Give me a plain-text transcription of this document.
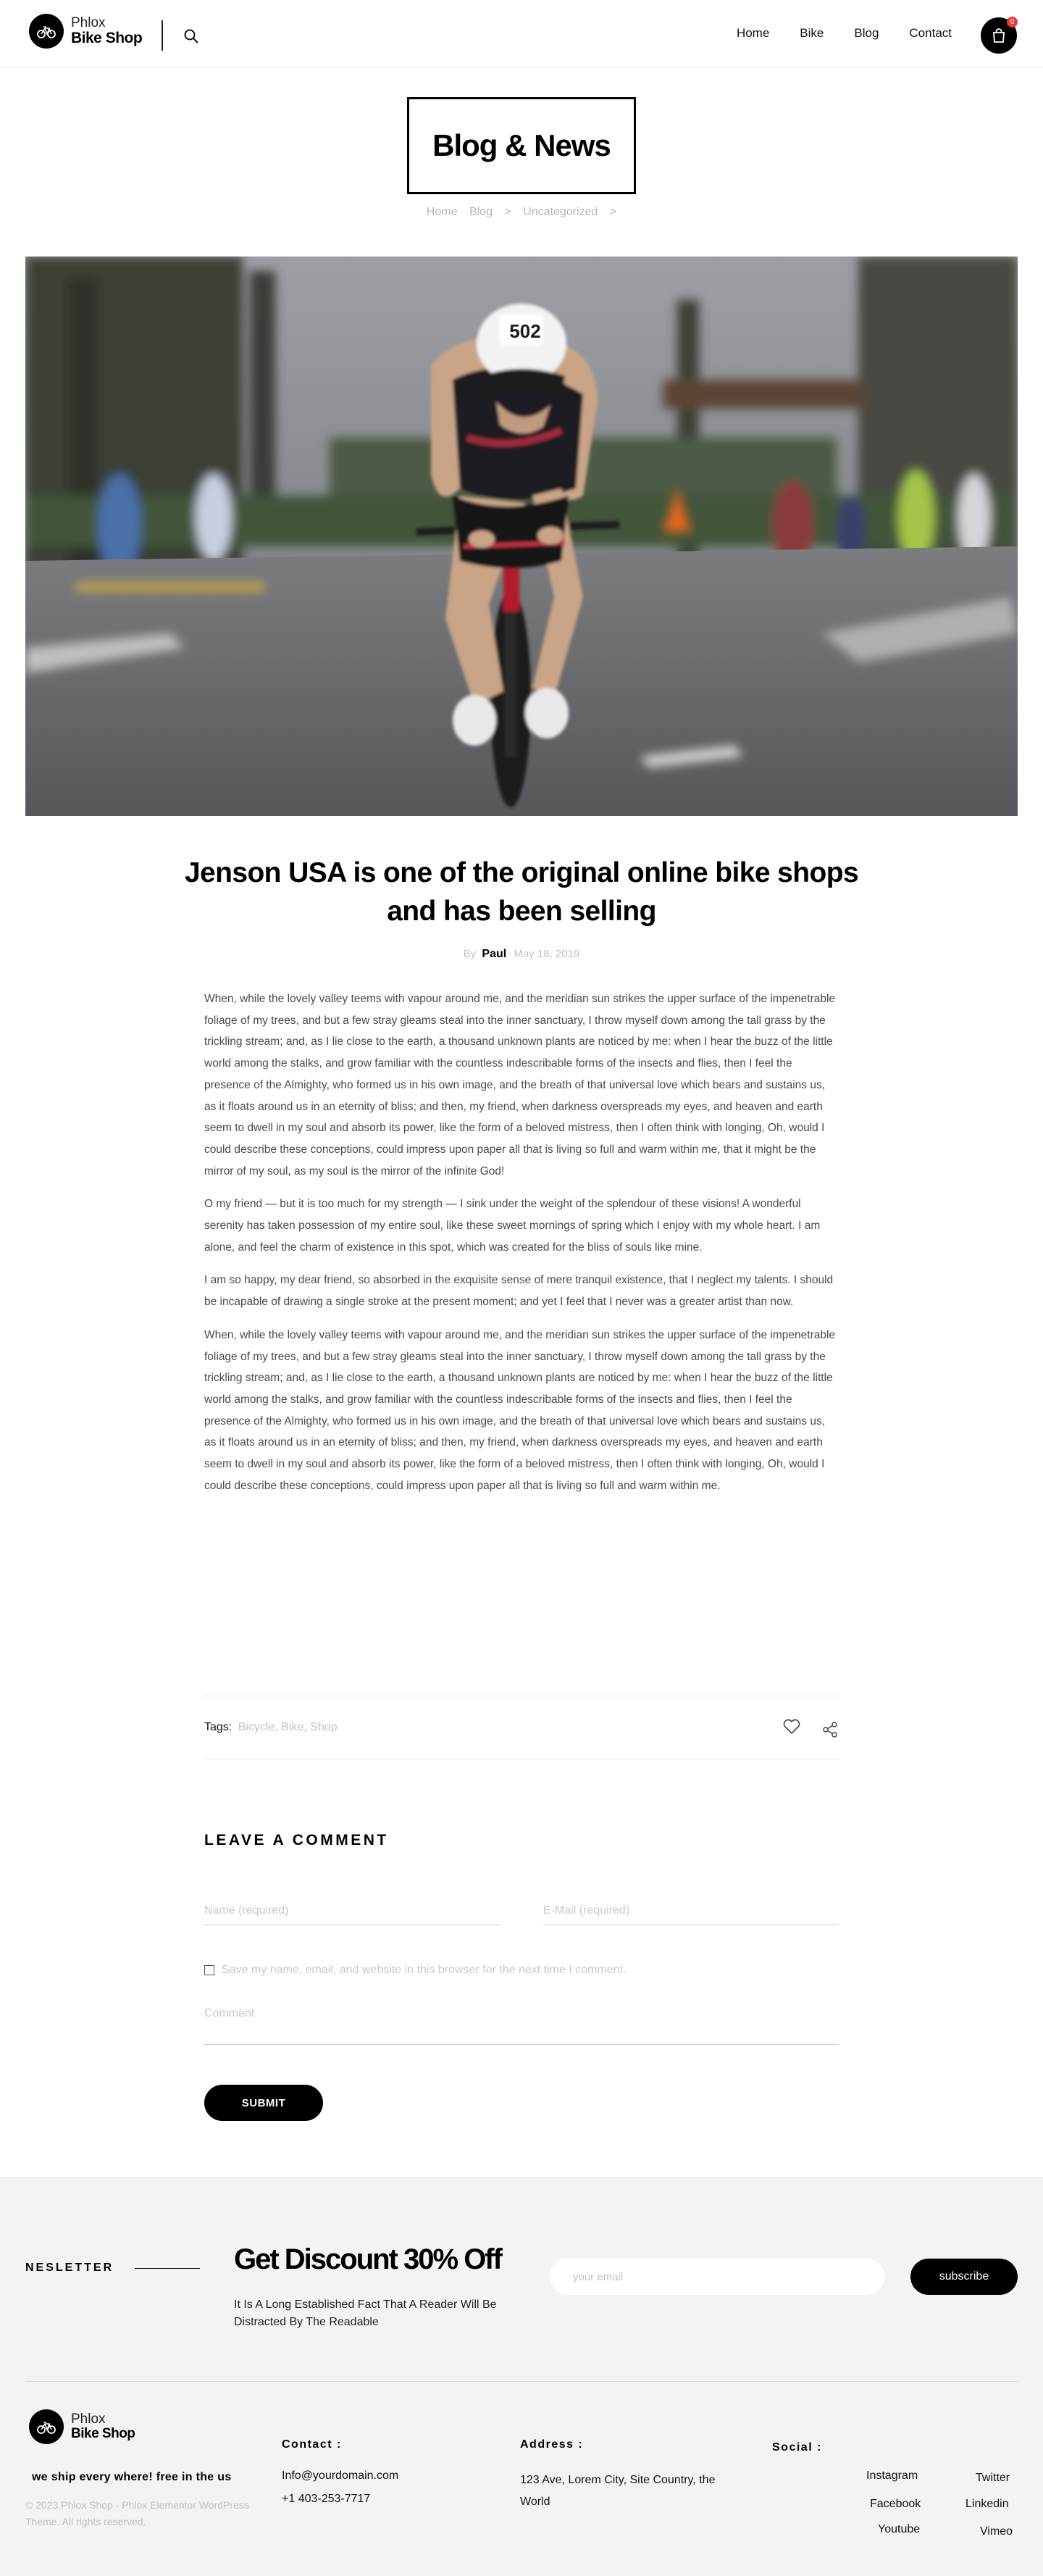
Phlox
Bike Shop	Home Bike Blog Contact
0
Blog & News
Home Blog > Uncategorized >
502
Jenson USA is one of the original online bike shops and has been selling
By Paul May 18, 2019

When, while the lovely valley teems with vapour around me, and the meridian sun strikes the upper surface of the impenetrable foliage of my trees, and but a few stray gleams steal into the inner sanctuary, I throw myself down among the tall grass by the trickling stream; and, as I lie close to the earth, a thousand unknown plants are noticed by me: when I hear the buzz of the little world among the stalks, and grow familiar with the countless indescribable forms of the insects and flies, then I feel the presence of the Almighty, who formed us in his own image, and the breath of that universal love which bears and sustains us, as it floats around us in an eternity of bliss; and then, my friend, when darkness overspreads my eyes, and heaven and earth seem to dwell in my soul and absorb its power, like the form of a beloved mistress, then I often think with longing, Oh, would I could describe these conceptions, could impress upon paper all that is living so full and warm within me, that it might be the mirror of my soul, as my soul is the mirror of the infinite God!

O my friend — but it is too much for my strength — I sink under the weight of the splendour of these visions! A wonderful serenity has taken possession of my entire soul, like these sweet mornings of spring which I enjoy with my whole heart. I am alone, and feel the charm of existence in this spot, which was created for the bliss of souls like mine.

I am so happy, my dear friend, so absorbed in the exquisite sense of mere tranquil existence, that I neglect my talents. I should be incapable of drawing a single stroke at the present moment; and yet I feel that I never was a greater artist than now.

When, while the lovely valley teems with vapour around me, and the meridian sun strikes the upper surface of the impenetrable foliage of my trees, and but a few stray gleams steal into the inner sanctuary, I throw myself down among the tall grass by the trickling stream; and, as I lie close to the earth, a thousand unknown plants are noticed by me: when I hear the buzz of the little world among the stalks, and grow familiar with the countless indescribable forms of the insects and flies, then I feel the presence of the Almighty, who formed us in his own image, and the breath of that universal love which bears and sustains us, as it floats around us in an eternity of bliss; and then, my friend, when darkness overspreads my eyes, and heaven and earth seem to dwell in my soul and absorb its power, like the form of a beloved mistress, then I often think with longing, Oh, would I could describe these conceptions, could impress upon paper all that is living so full and warm within me.

Tags: Bicycle, Bike, Shop
LEAVE A COMMENT
Name (required)
E-Mail (required)
Save my name, email, and website in this browser for the next time I comment.
Comment
SUBMIT
NESLETTER	Get Discount 30% Off
It Is A Long Established Fact That A Reader Will Be Distracted By The Readable
your email
subscribe
Phlox
Bike Shop
we ship every where! free in the us
© 2023 Phlox Shop - Phlox Elementor WordPress Theme. All rights reserved.
Contact :
Info@yourdomain.com
+1 403-253-7717
Address :
123 Ave, Lorem City, Site Country, the World
Social :
Instagram	Twitter
Facebook	Linkedin
Youtube	Vimeo
